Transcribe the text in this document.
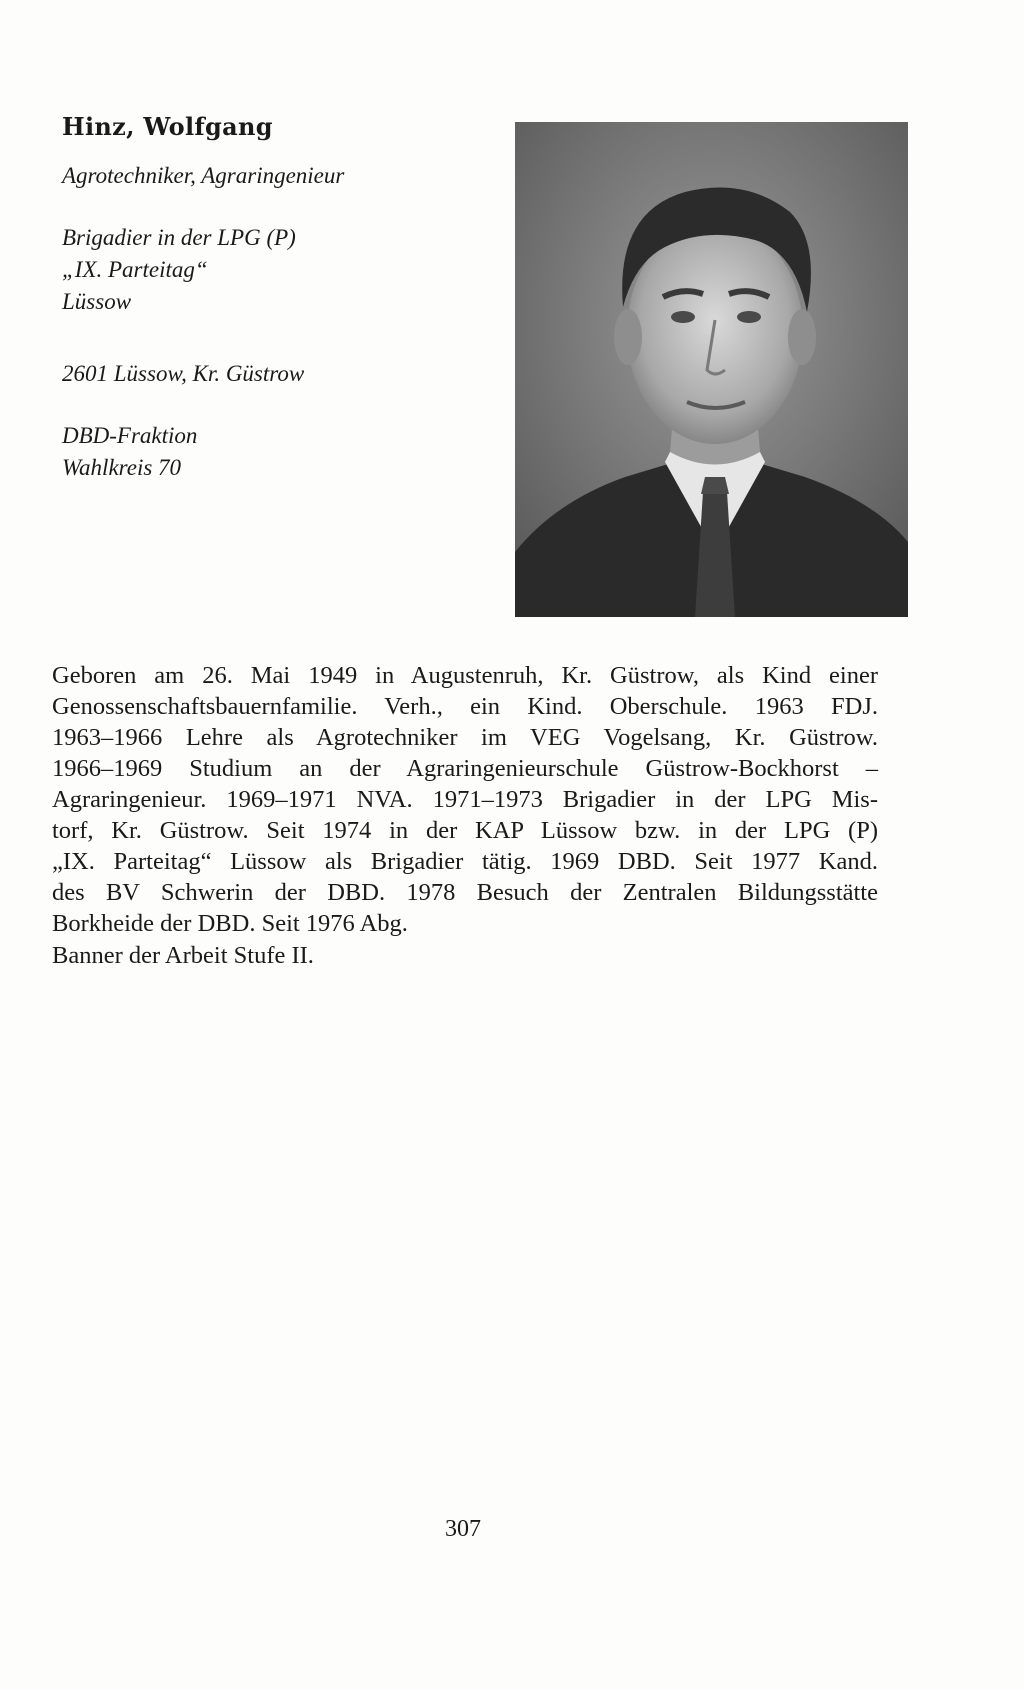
Hinz, Wolfgang
Agrotechniker, Agraringenieur
Brigadier in der LPG (P)
„IX. Parteitag“
Lüssow
2601 Lüssow, Kr. Güstrow
DBD-Fraktion
Wahlkreis 70
Geboren am 26. Mai 1949 in Augustenruh, Kr. Güstrow, als Kind einer
Genossenschaftsbauernfamilie. Verh., ein Kind. Oberschule. 1963 FDJ.
1963–1966 Lehre als Agrotechniker im VEG Vogelsang, Kr. Güstrow.
1966–1969 Studium an der Agraringenieurschule Güstrow-Bockhorst –
Agraringenieur. 1969–1971 NVA. 1971–1973 Brigadier in der LPG Mis-
torf, Kr. Güstrow. Seit 1974 in der KAP Lüssow bzw. in der LPG (P)
„IX. Parteitag“ Lüssow als Brigadier tätig. 1969 DBD. Seit 1977 Kand.
des BV Schwerin der DBD. 1978 Besuch der Zentralen Bildungsstätte
Borkheide der DBD. Seit 1976 Abg.
Banner der Arbeit Stufe II.
307
